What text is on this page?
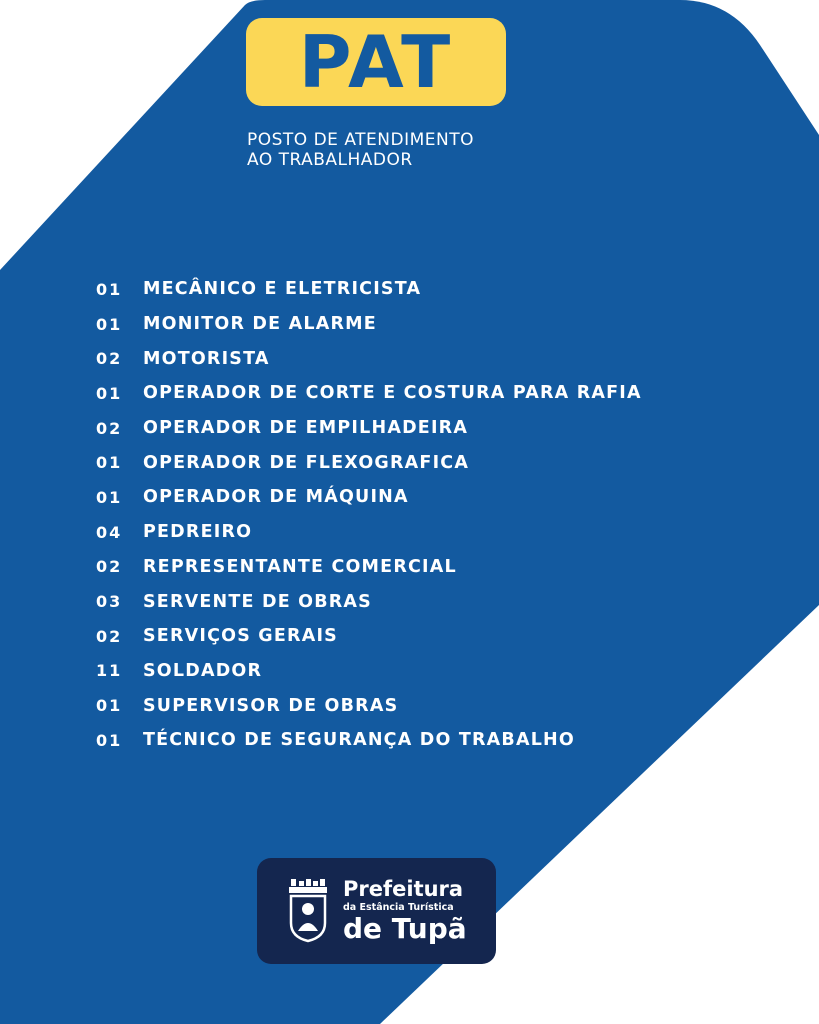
PAT
POSTO DE ATENDIMENTO
AO TRABALHADOR
01	MECÂNICO E ELETRICISTA
01	MONITOR DE ALARME
02	MOTORISTA
01	OPERADOR DE CORTE E COSTURA PARA RAFIA
02	OPERADOR DE EMPILHADEIRA
01	OPERADOR DE FLEXOGRAFICA
01	OPERADOR DE MÁQUINA
04	PEDREIRO
02	REPRESENTANTE COMERCIAL
03	SERVENTE DE OBRAS
02	SERVIÇOS GERAIS
11	SOLDADOR
01	SUPERVISOR DE OBRAS
01	TÉCNICO DE SEGURANÇA DO TRABALHO
Prefeitura
da Estância Turística
de Tupã
